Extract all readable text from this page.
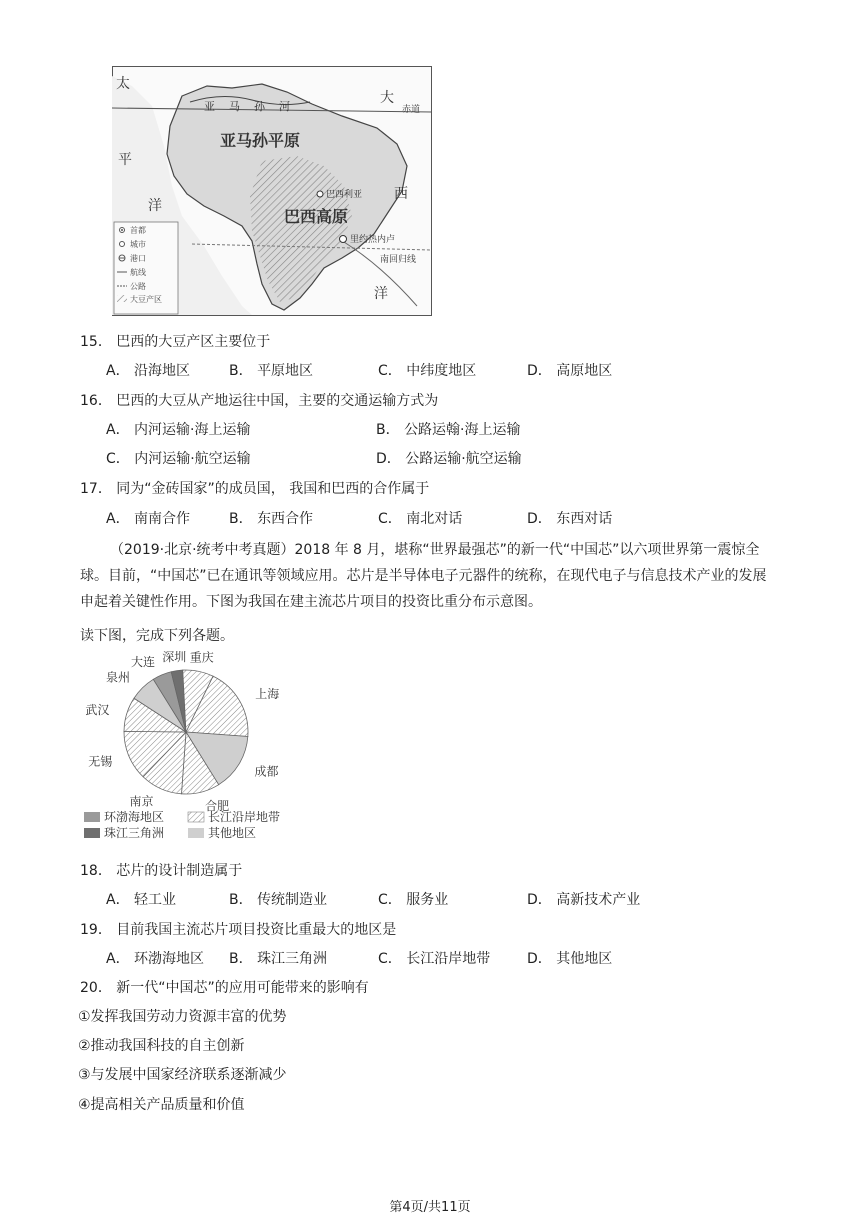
赤道
南回归线
亚马孙河
亚马孙平原
巴西高原
巴西利亚
里约热内卢
太
平
洋
大
西
洋
首都
城市
港口
航线
公路
大豆产区
15． 巴西的大豆产区主要位于
A． 沿海地区	B． 平原地区	C． 中纬度地区	D． 高原地区
16． 巴西的大豆从产地运往中国，主要的交通运输方式为
A． 内河运输·海上运输	B． 公路运翰·海上运输
C． 内河运输·航空运输	D． 公路运输·航空运输
17． 同为“金砖国家”的成员国， 我国和巴西的合作属于
A． 南南合作	B． 东西合作	C． 南北对话	D． 东西对话
（2019·北京·统考中考真题）2018 年 8 月，堪称“世界最强芯”的新一代“中国芯”以六项世界第一震惊全球。目前，“中国芯”已在通讯等领域应用。芯片是半导体电子元器件的统称，在现代电子与信息技术产业的发展申起着关键性作用。下图为我国在建主流芯片项目的投资比重分布示意图。
读下图，完成下列各题。
上海
成都
合肥
南京
无锡
武汉
泉州
大连 深圳 重庆
环渤海地区	长江沿岸地带
珠江三角洲	其他地区
18． 芯片的设计制造属于
A． 轻工业	B． 传统制造业	C． 服务业	D． 高新技术产业
19． 目前我国主流芯片项目投资比重最大的地区是
A． 环渤海地区 B． 珠江三角洲	C． 长江沿岸地带	D． 其他地区
20． 新一代“中国芯”的应用可能带来的影响有
①发挥我国劳动力资源丰富的优势
②推动我国科技的自主创新
③与发展中国家经济联系逐渐减少
④提高相关产品质量和价值
第4页/共11页
